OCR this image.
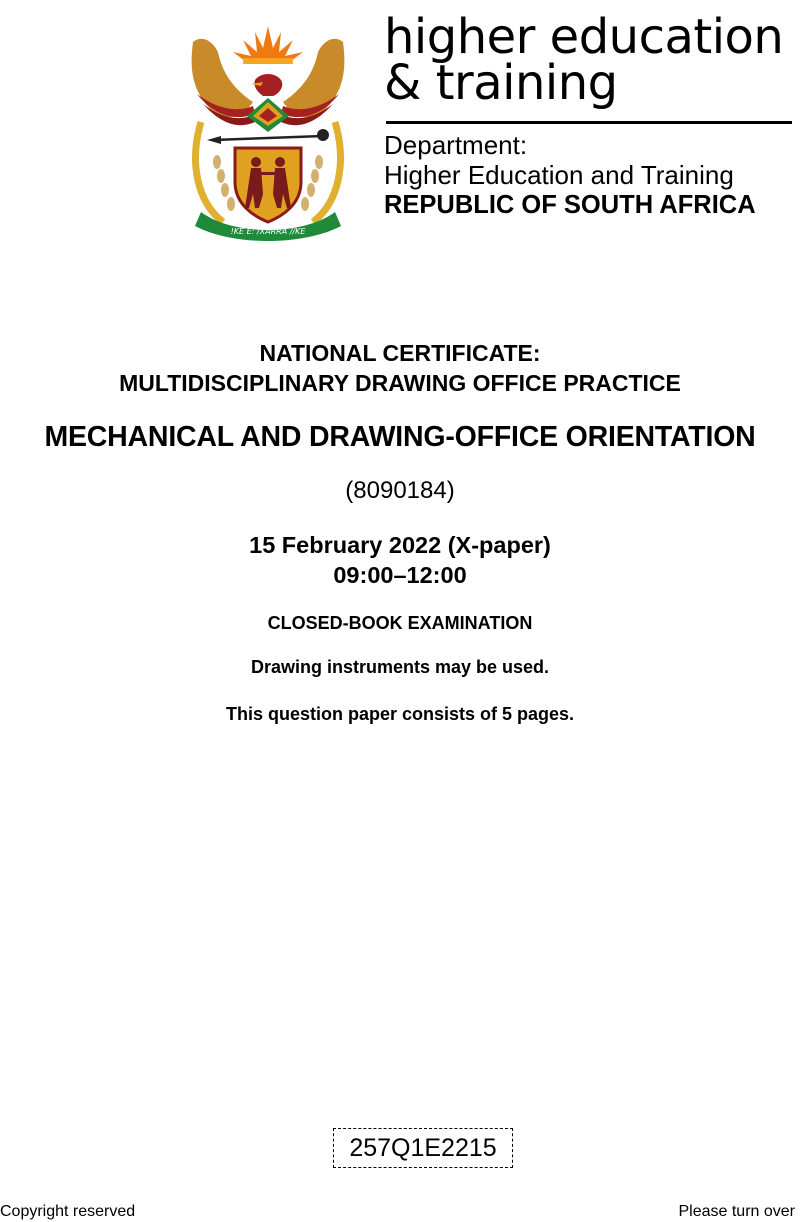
!KE E: /XARRA //KE
higher education
& training
Department:
Higher Education and Training
REPUBLIC OF SOUTH AFRICA
NATIONAL CERTIFICATE:
MULTIDISCIPLINARY DRAWING OFFICE PRACTICE
MECHANICAL AND DRAWING-OFFICE ORIENTATION
(8090184)
15 February 2022 (X-paper)
09:00–12:00
CLOSED-BOOK EXAMINATION
Drawing instruments may be used.
This question paper consists of 5 pages.
257Q1E2215
Copyright reserved	Please turn over
